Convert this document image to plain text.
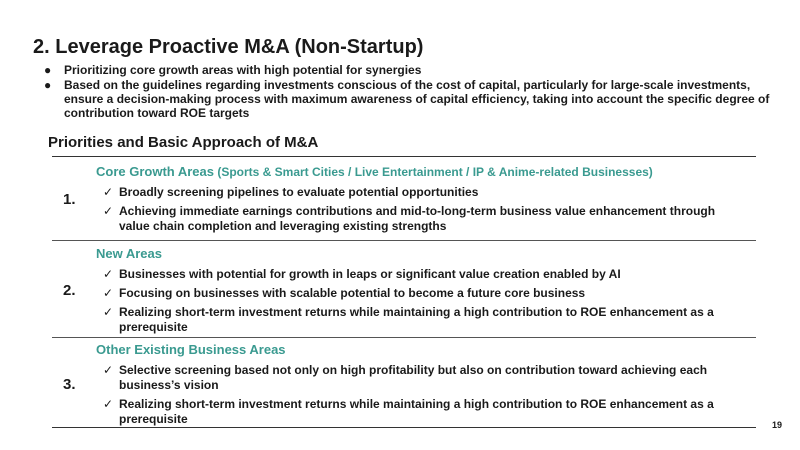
2. Leverage Proactive M&A (Non-Startup)
● Prioritizing core growth areas with high potential for synergies
● Based on the guidelines regarding investments conscious of the cost of capital, particularly for large-scale investments, ensure a decision-making process with maximum awareness of capital efficiency, taking into account the specific degree of contribution toward ROE targets
Priorities and Basic Approach of M&A
1.
Core Growth Areas (Sports & Smart Cities / Live Entertainment / IP & Anime-related Businesses)
✓ Broadly screening pipelines to evaluate potential opportunities
✓ Achieving immediate earnings contributions and mid-to-long-term business value enhancement through value chain completion and leveraging existing strengths
2.
New Areas
✓ Businesses with potential for growth in leaps or significant value creation enabled by AI
✓ Focusing on businesses with scalable potential to become a future core business
✓ Realizing short-term investment returns while maintaining a high contribution to ROE enhancement as a prerequisite
3.
Other Existing Business Areas
✓ Selective screening based not only on high profitability but also on contribution toward achieving each business’s vision
✓ Realizing short-term investment returns while maintaining a high contribution to ROE enhancement as a prerequisite	19
